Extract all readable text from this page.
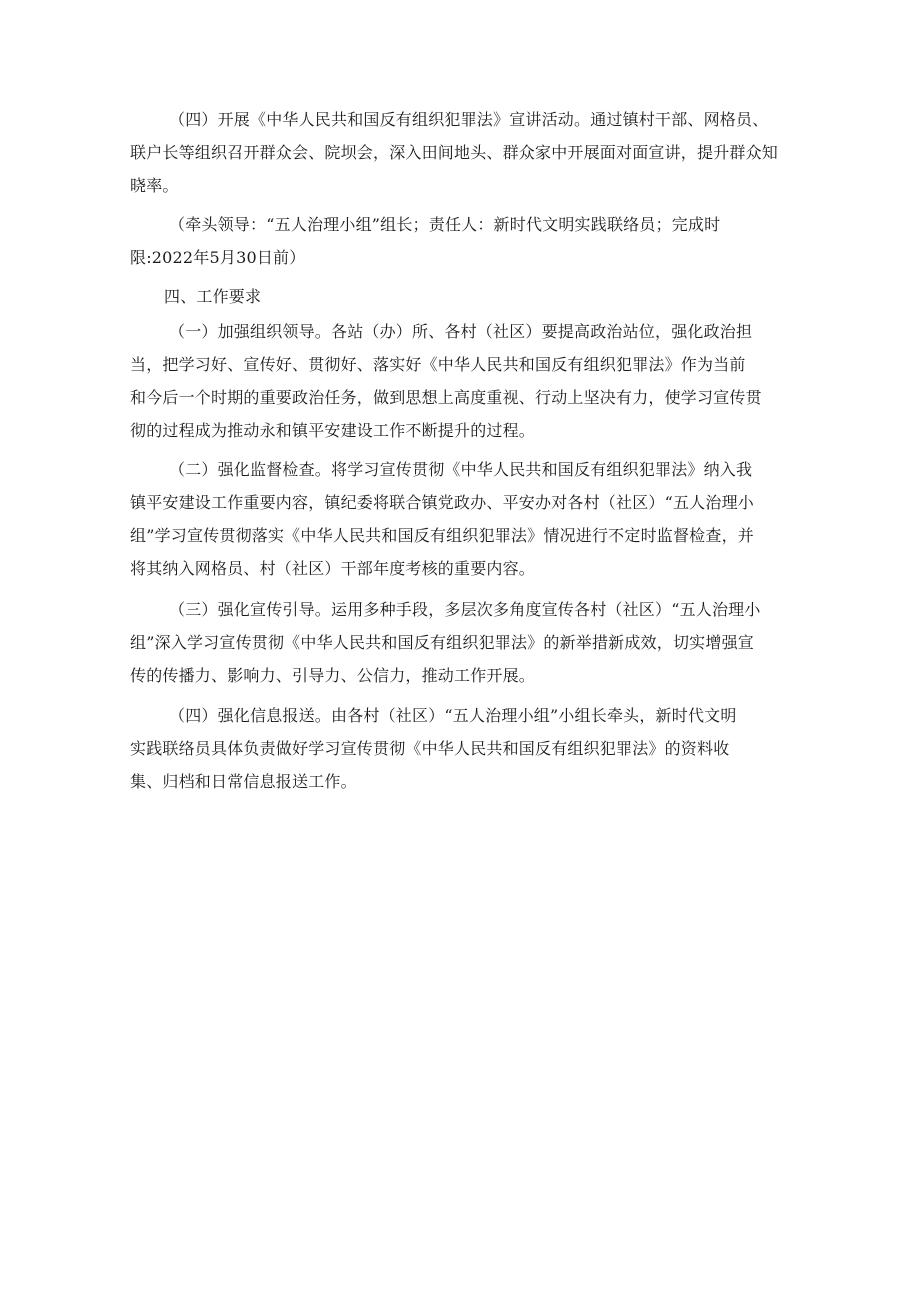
（四）开展《中华人民共和国反有组织犯罪法》宣讲活动。通过镇村干部、网格员、
联户长等组织召开群众会、院坝会，深入田间地头、群众家中开展面对面宣讲，提升群众知
晓率。
（牵头领导：“五人治理小组”组长；责任人：新时代文明实践联络员；完成时
限:2022年5月30日前）
四、工作要求
（一）加强组织领导。各站（办）所、各村（社区）要提高政治站位，强化政治担
当，把学习好、宣传好、贯彻好、落实好《中华人民共和国反有组织犯罪法》作为当前
和今后一个时期的重要政治任务，做到思想上高度重视、行动上坚决有力，使学习宣传贯
彻的过程成为推动永和镇平安建设工作不断提升的过程。
（二）强化监督检查。将学习宣传贯彻《中华人民共和国反有组织犯罪法》纳入我
镇平安建设工作重要内容，镇纪委将联合镇党政办、平安办对各村（社区）“五人治理小
组”学习宣传贯彻落实《中华人民共和国反有组织犯罪法》情况进行不定时监督检查，并
将其纳入网格员、村（社区）干部年度考核的重要内容。
（三）强化宣传引导。运用多种手段，多层次多角度宣传各村（社区）“五人治理小
组”深入学习宣传贯彻《中华人民共和国反有组织犯罪法》的新举措新成效，切实增强宣
传的传播力、影响力、引导力、公信力，推动工作开展。
（四）强化信息报送。由各村（社区）“五人治理小组”小组长牵头，新时代文明
实践联络员具体负责做好学习宣传贯彻《中华人民共和国反有组织犯罪法》的资料收
集、归档和日常信息报送工作。
